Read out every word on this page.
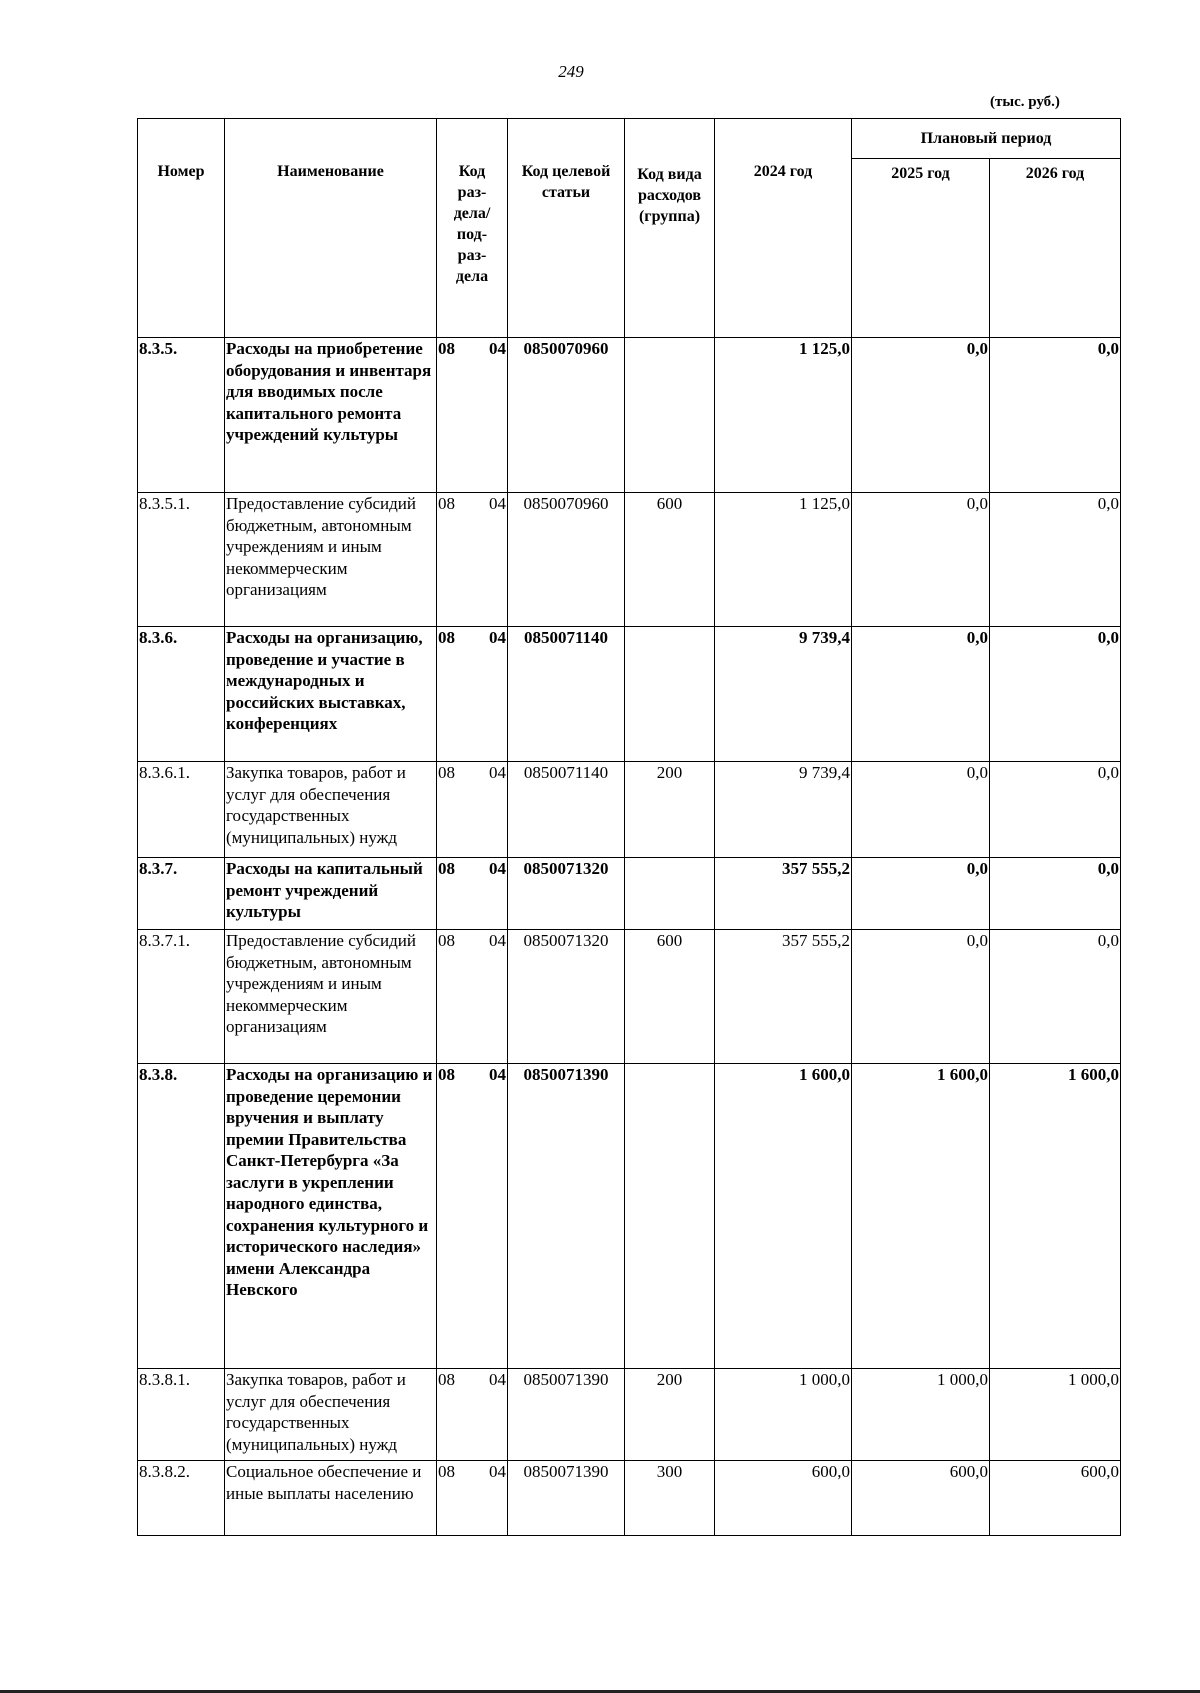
249
(тыс. руб.)
Номер	Наименование	Код раз-дела/ под-раз-дела	Код целевой статьи	Код вида расходов (группа)	2024 год	Плановый период	
						2025 год	2026 год
8.3.5.	Расходы на приобретение оборудования и инвентаря для вводимых после капитального ремонта учреждений культуры	08 04	0850070960		1 125,0	0,0	0,0
8.3.5.1.	Предоставление субсидий бюджетным, автономным учреждениям и иным некоммерческим организациям	08 04	0850070960	600	1 125,0	0,0	0,0
8.3.6.	Расходы на организацию, проведение и участие в международных и российских выставках, конференциях	08 04	0850071140		9 739,4	0,0	0,0
8.3.6.1.	Закупка товаров, работ и услуг для обеспечения государственных (муниципальных) нужд	08 04	0850071140	200	9 739,4	0,0	0,0
8.3.7.	Расходы на капитальный ремонт учреждений культуры	08 04	0850071320		357 555,2	0,0	0,0
8.3.7.1.	Предоставление субсидий бюджетным, автономным учреждениям и иным некоммерческим организациям	08 04	0850071320	600	357 555,2	0,0	0,0
8.3.8.	Расходы на организацию и проведение церемонии вручения и выплату премии Правительства Санкт-Петербурга «За заслуги в укреплении народного единства, сохранения культурного и исторического наследия» имени Александра Невского	08 04	0850071390		1 600,0	1 600,0	1 600,0
8.3.8.1.	Закупка товаров, работ и услуг для обеспечения государственных (муниципальных) нужд	08 04	0850071390	200	1 000,0	1 000,0	1 000,0
8.3.8.2.	Социальное обеспечение и иные выплаты населению	08 04	0850071390	300	600,0	600,0	600,0
